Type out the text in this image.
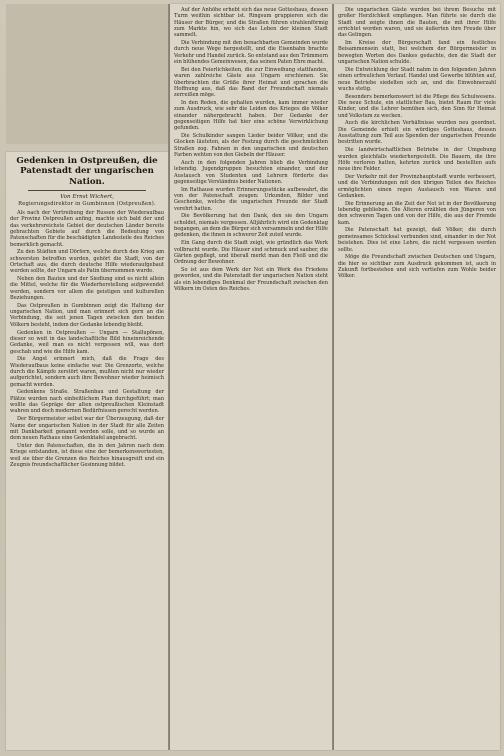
Gedenken in Ostpreußen, die Patenstadt der ungarischen Nation.
Von Ernst Wichert,
Regierungsdirektor in Gumbinnen (Ostpreußen).

Als nach der Vertreibung der Russen der Wiederaufbau der Provinz Ostpreußen anfing, machte sich bald der und das verkehrsreichste Gebiet der deutschen Länder bereits gebrachten Gebiete auf durch die Bedeutung von Patenschaften für die beschädigten Landesteile des Reiches bemerklich gemacht.

Zu den Städten und Dörfern, welche durch den Krieg am schwersten betroffen wurden, gehört die Stadt, von der Ortschaft aus, die durch deutsche Hilfe wiederaufgebaut werden sollte, der Ungarn als Patin übernommen wurde.

Neben den Bauten und der Siedlung sind es nicht allein die Mittel, welche für die Wiederherstellung aufgewendet werden, sondern vor allem die geistigen und kulturellen Beziehungen.

Das Ostpreußen in Gumbinnen zeigt die Haltung der ungarischen Nation, und man erinnert sich gern an die Verbindung, die seit jenen Tagen zwischen den beiden Völkern besteht, indem der Gedanke lebendig bleibt.

Gedenken in Ostpreußen — Ungarn — Stallupönen, dieser so weit in das landschaftliche Bild hineinreichende Gedanke, weil man es nicht vergessen will, was dort geschah und wie die Hilfe kam.

Die Angst erinnert mich, daß die Frage des Wiederaufbaus keine einfache war. Die Grenzorte, welche durch die Kämpfe zerstört waren, mußten nicht nur wieder aufgerichtet, sondern auch ihre Bewohner wieder heimisch gemacht werden.

Gedenkens Straße. Straßenbau und Gestaltung der Plätze wurden nach einheitlichem Plan durchgeführt; man wollte das Gepräge der alten ostpreußischen Kleinstadt wahren und doch modernen Bedürfnissen gerecht werden.

Der Bürgermeister selbst war der Überzeugung, daß der Name der ungarischen Nation in der Stadt für alle Zeiten mit Dankbarkeit genannt werden solle, und so wurde an dem neuen Rathaus eine Gedenktafel angebracht.

Unter den Patenschaften, die in den Jahren nach dem Kriege entstanden, ist diese eine der bemerkenswertesten, weil sie über die Grenzen des Reiches hinausgreift und ein Zeugnis freundschaftlicher Gesinnung bildet.

Auf der Anhöhe erhebt sich das neue Gotteshaus, dessen Turm weithin sichtbar ist. Ringsum gruppieren sich die Häuser der Bürger, und die Straßen führen strahlenförmig zum Markte hin, wo sich das Leben der kleinen Stadt sammelt.

Die Verbindung mit den benachbarten Gemeinden wurde durch neue Wege hergestellt, und die Eisenbahn brachte Verkehr und Handel zurück. So entstand aus den Trümmern ein blühendes Gemeinwesen, das seinen Paten Ehre macht.

Bei den Feierlichkeiten, die zur Einweihung stattfanden, waren zahlreiche Gäste aus Ungarn erschienen. Sie überbrachten die Grüße ihrer Heimat und sprachen die Hoffnung aus, daß das Band der Freundschaft niemals zerreißen möge.

In den Reden, die gehalten wurden, kam immer wieder zum Ausdruck, wie sehr die Leiden des Krieges die Völker einander nähergebracht haben. Der Gedanke der gegenseitigen Hilfe hat hier eine schöne Verwirklichung gefunden.

Die Schulkinder sangen Lieder beider Völker, und die Glocken läuteten, als der Festzug durch die geschmückten Straßen zog. Fahnen in den ungarischen und deutschen Farben wehten von den Giebeln der Häuser.

Auch in den folgenden Jahren blieb die Verbindung lebendig. Jugendgruppen besuchten einander, und der Austausch von Studenten und Lehrern förderte das gegenseitige Verständnis beider Nationen.

Im Rathause wurden Erinnerungsstücke aufbewahrt, die von der Patenschaft zeugen: Urkunden, Bilder und Geschenke, welche die ungarischen Freunde der Stadt verehrt hatten.

Die Bevölkerung hat den Dank, den sie den Ungarn schuldet, niemals vergessen. Alljährlich wird ein Gedenktag begangen, an dem die Bürger sich versammeln und der Hilfe gedenken, die ihnen in schwerer Zeit zuteil wurde.

Ein Gang durch die Stadt zeigt, wie gründlich das Werk vollbracht wurde. Die Häuser sind schmuck und sauber, die Gärten gepflegt, und überall merkt man den Fleiß und die Ordnung der Bewohner.

So ist aus dem Werk der Not ein Werk des Friedens geworden, und die Patenstadt der ungarischen Nation steht als ein lebendiges Denkmal der Freundschaft zwischen den Völkern im Osten des Reiches.

Die ungarischen Gäste wurden bei ihrem Besuche mit großer Herzlichkeit empfangen. Man führte sie durch die Stadt und zeigte ihnen die Bauten, die mit ihrer Hilfe errichtet worden waren, und sie äußerten ihre Freude über das Gelingen.

Im Kreise der Bürgerschaft fand ein festliches Beisammensein statt, bei welchem der Bürgermeister in bewegten Worten des Dankes gedachte, den die Stadt der ungarischen Nation schulde.

Die Entwicklung der Stadt nahm in den folgenden Jahren einen erfreulichen Verlauf. Handel und Gewerbe blühten auf, neue Betriebe siedelten sich an, und die Einwohnerzahl wuchs stetig.

Besonders bemerkenswert ist die Pflege des Schulwesens. Die neue Schule, ein stattlicher Bau, bietet Raum für viele Kinder, und die Lehrer bemühen sich, den Sinn für Heimat und Volkstum zu wecken.

Auch die kirchlichen Verhältnisse wurden neu geordnet. Die Gemeinde erhielt ein würdiges Gotteshaus, dessen Ausstattung zum Teil aus Spenden der ungarischen Freunde bestritten wurde.

Die landwirtschaftlichen Betriebe in der Umgebung wurden gleichfalls wiederhergestellt. Die Bauern, die ihre Höfe verloren hatten, kehrten zurück und bestellten aufs neue ihre Felder.

Der Verkehr mit der Provinzhauptstadt wurde verbessert, und die Verbindungen mit den übrigen Teilen des Reiches ermöglichten einen regen Austausch von Waren und Gedanken.

Die Erinnerung an die Zeit der Not ist in der Bevölkerung lebendig geblieben. Die Älteren erzählen den Jüngeren von den schweren Tagen und von der Hilfe, die aus der Fremde kam.

Die Patenschaft hat gezeigt, daß Völker, die durch gemeinsames Schicksal verbunden sind, einander in der Not beistehen. Dies ist eine Lehre, die nicht vergessen werden sollte.

Möge die Freundschaft zwischen Deutschen und Ungarn, die hier so sichtbar zum Ausdruck gekommen ist, auch in Zukunft fortbestehen und sich vertiefen zum Wohle beider Völker.
